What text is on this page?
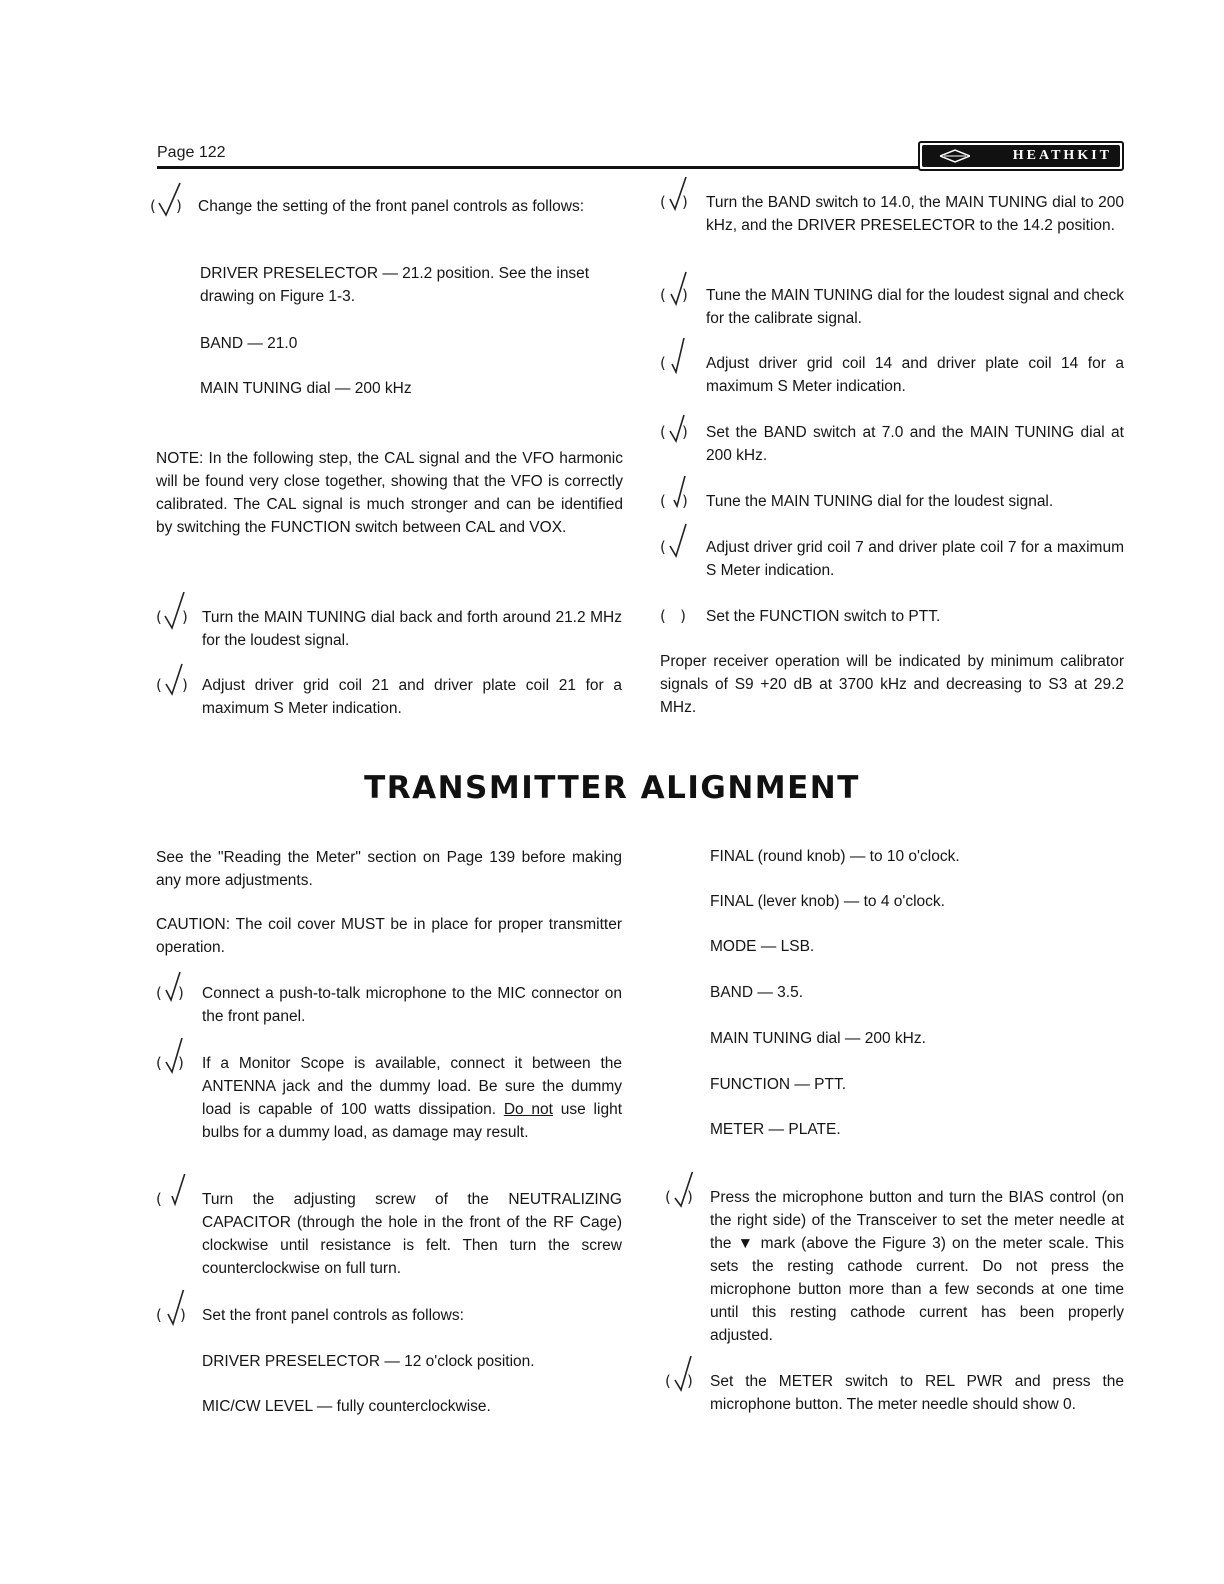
Page 122	HEATHKIT
( ) Change the setting of the front panel controls as follows:

DRIVER PRESELECTOR — 21.2 position. See the inset drawing on Figure 1-3.

BAND — 21.0

MAIN TUNING dial — 200 kHz

NOTE: In the following step, the CAL signal and the VFO harmonic will be found very close together, showing that the VFO is correctly calibrated. The CAL signal is much stronger and can be identified by switching the FUNCTION switch between CAL and VOX.

( ) Turn the MAIN TUNING dial back and forth around 21.2 MHz for the loudest signal.

( ) Adjust driver grid coil 21 and driver plate coil 21 for a maximum S Meter indication.

( ) Turn the BAND switch to 14.0, the MAIN TUNING dial to 200 kHz, and the DRIVER PRESELECTOR to the 14.2 position.

( ) Tune the MAIN TUNING dial for the loudest signal and check for the calibrate signal.

(	Adjust driver grid coil 14 and driver plate coil 14 for a maximum S Meter indication.

( ) Set the BAND switch at 7.0 and the MAIN TUNING dial at 200 kHz.

( ) Tune the MAIN TUNING dial for the loudest signal.

(	Adjust driver grid coil 7 and driver plate coil 7 for a maximum S Meter indication.

(   )	Set the FUNCTION switch to PTT.

Proper receiver operation will be indicated by minimum calibrator signals of S9 +20 dB at 3700 kHz and decreasing to S3 at 29.2 MHz.

TRANSMITTER ALIGNMENT

See the "Reading the Meter" section on Page 139 before making any more adjustments.

CAUTION: The coil cover MUST be in place for proper transmitter operation.

( ) Connect a push-to-talk microphone to the MIC connector on the front panel.

( ) If a Monitor Scope is available, connect it between the ANTENNA jack and the dummy load. Be sure the dummy load is capable of 100 watts dissipation. Do not use light bulbs for a dummy load, as damage may result.

(	Turn the adjusting screw of the NEUTRALIZING CAPACITOR (through the hole in the front of the RF Cage) clockwise until resistance is felt. Then turn the screw counterclockwise on full turn.

( ) Set the front panel controls as follows:

DRIVER PRESELECTOR — 12 o'clock position.

MIC/CW LEVEL — fully counterclockwise.

FINAL (round knob) — to 10 o'clock.

FINAL (lever knob) — to 4 o'clock.

MODE — LSB.

BAND — 3.5.

MAIN TUNING dial — 200 kHz.

FUNCTION — PTT.

METER — PLATE.

( ) Press the microphone button and turn the BIAS control (on the right side) of the Transceiver to set the meter needle at the ▼ mark (above the Figure 3) on the meter scale. This sets the resting cathode current. Do not press the microphone button more than a few seconds at one time until this resting cathode current has been properly adjusted.

( ) Set the METER switch to REL PWR and press the microphone button. The meter needle should show 0.
